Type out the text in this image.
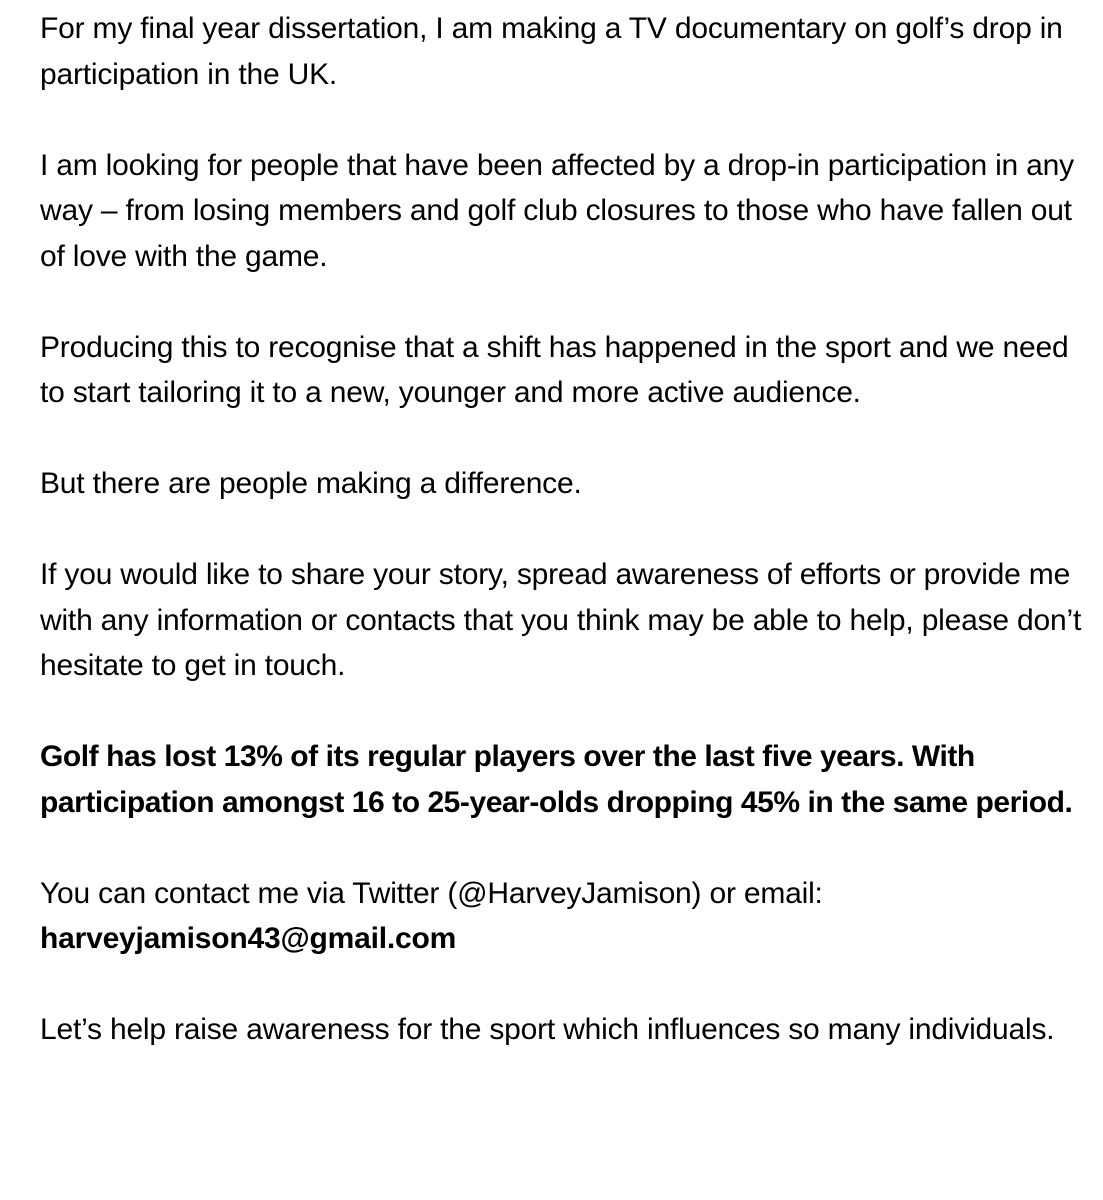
For my final year dissertation, I am making a TV documentary on golf’s drop in participation in the UK.

I am looking for people that have been affected by a drop-in participation in any way – from losing members and golf club closures to those who have fallen out of love with the game.

Producing this to recognise that a shift has happened in the sport and we need to start tailoring it to a new, younger and more active audience.

But there are people making a difference.

If you would like to share your story, spread awareness of efforts or provide me with any information or contacts that you think may be able to help, please don’t hesitate to get in touch.

Golf has lost 13% of its regular players over the last five years. With participation amongst 16 to 25-year-olds dropping 45% in the same period.

You can contact me via Twitter (@HarveyJamison) or email:
harveyjamison43@gmail.com

Let’s help raise awareness for the sport which influences so many individuals.
